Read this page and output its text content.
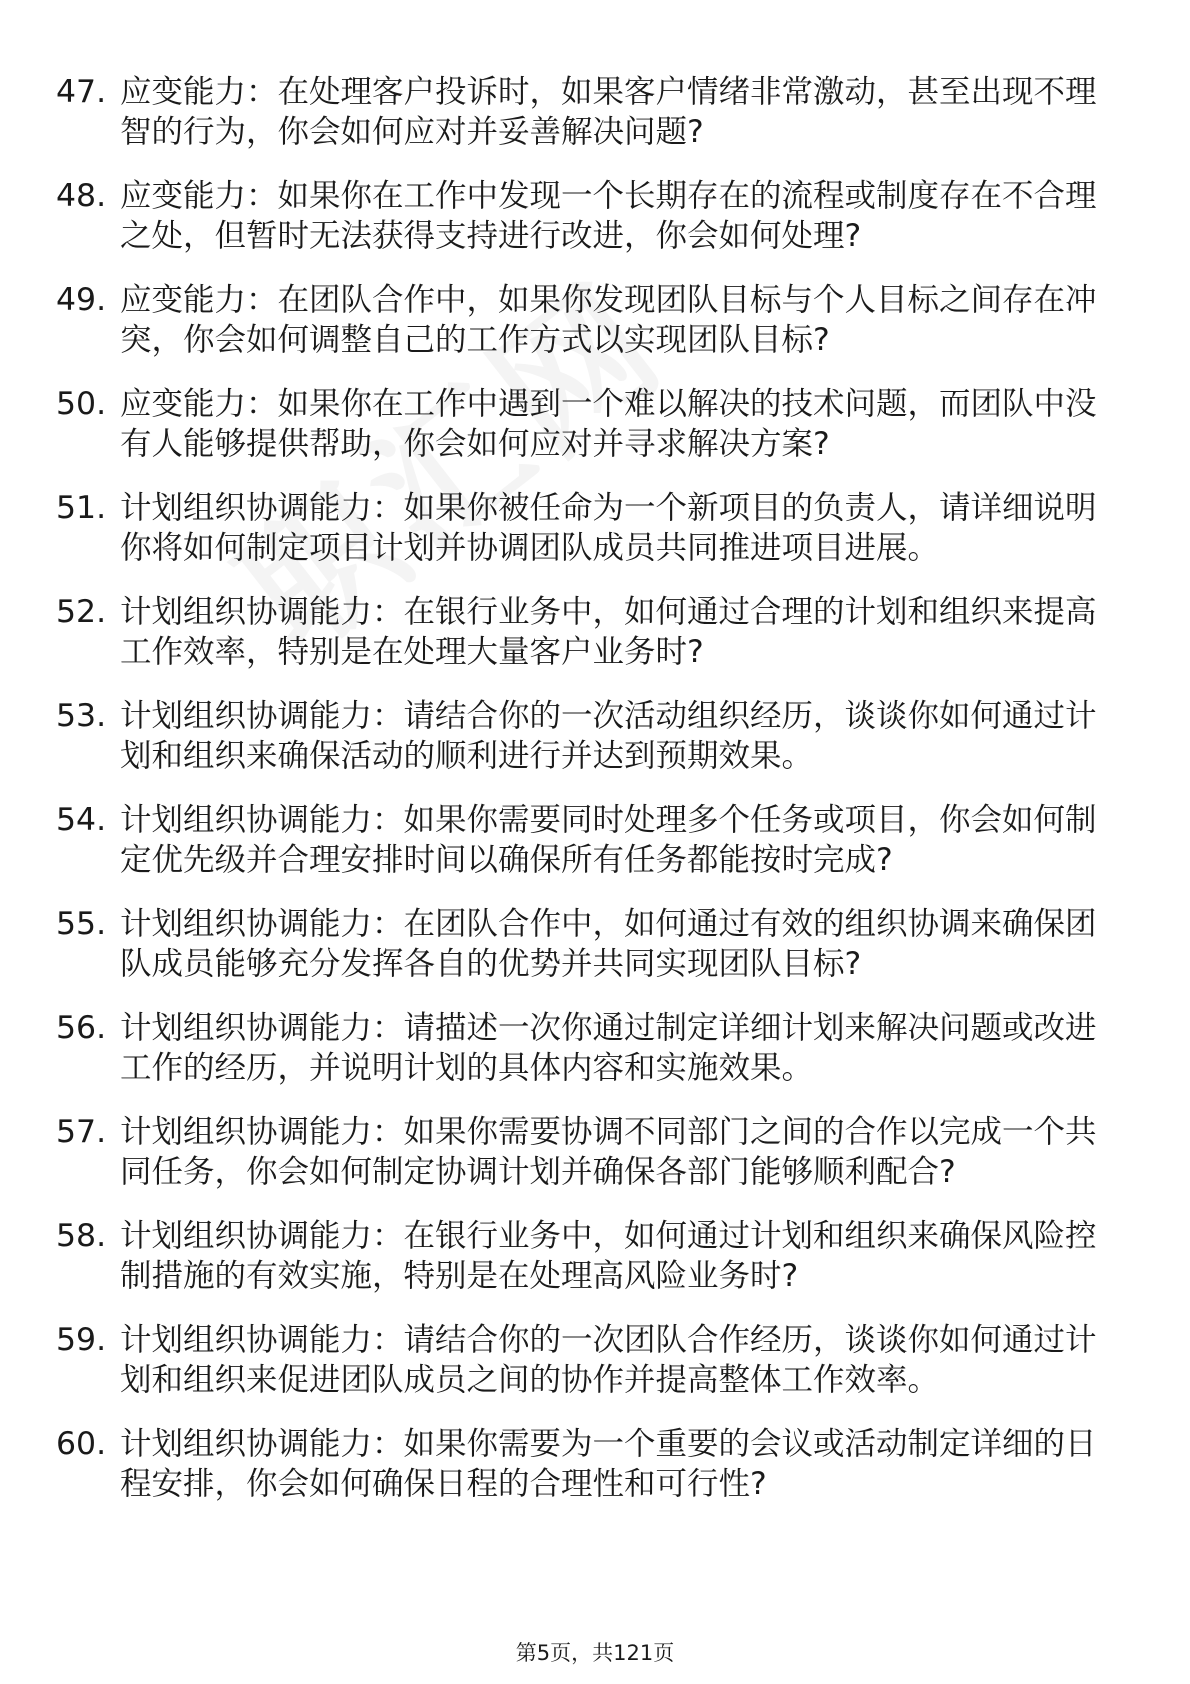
47. 应变能力：在处理客户投诉时，如果客户情绪非常激动，甚至出现不理智的行为，你会如何应对并妥善解决问题?
48. 应变能力：如果你在工作中发现一个长期存在的流程或制度存在不合理之处，但暂时无法获得支持进行改进，你会如何处理?
49. 应变能力：在团队合作中，如果你发现团队目标与个人目标之间存在冲突，你会如何调整自己的工作方式以实现团队目标?
50. 应变能力：如果你在工作中遇到一个难以解决的技术问题，而团队中没有人能够提供帮助，你会如何应对并寻求解决方案?
51. 计划组织协调能力：如果你被任命为一个新项目的负责人，请详细说明你将如何制定项目计划并协调团队成员共同推进项目进展。
52. 计划组织协调能力：在银行业务中，如何通过合理的计划和组织来提高工作效率，特别是在处理大量客户业务时?
53. 计划组织协调能力：请结合你的一次活动组织经历，谈谈你如何通过计划和组织来确保活动的顺利进行并达到预期效果。
54. 计划组织协调能力：如果你需要同时处理多个任务或项目，你会如何制定优先级并合理安排时间以确保所有任务都能按时完成?
55. 计划组织协调能力：在团队合作中，如何通过有效的组织协调来确保团队成员能够充分发挥各自的优势并共同实现团队目标?
56. 计划组织协调能力：请描述一次你通过制定详细计划来解决问题或改进工作的经历，并说明计划的具体内容和实施效果。
57. 计划组织协调能力：如果你需要协调不同部门之间的合作以完成一个共同任务，你会如何制定协调计划并确保各部门能够顺利配合?
58. 计划组织协调能力：在银行业务中，如何通过计划和组织来确保风险控制措施的有效实施，特别是在处理高风险业务时?
59. 计划组织协调能力：请结合你的一次团队合作经历，谈谈你如何通过计划和组织来促进团队成员之间的协作并提高整体工作效率。
60. 计划组织协调能力：如果你需要为一个重要的会议或活动制定详细的日程安排，你会如何确保日程的合理性和可行性?
第5页，共121页
